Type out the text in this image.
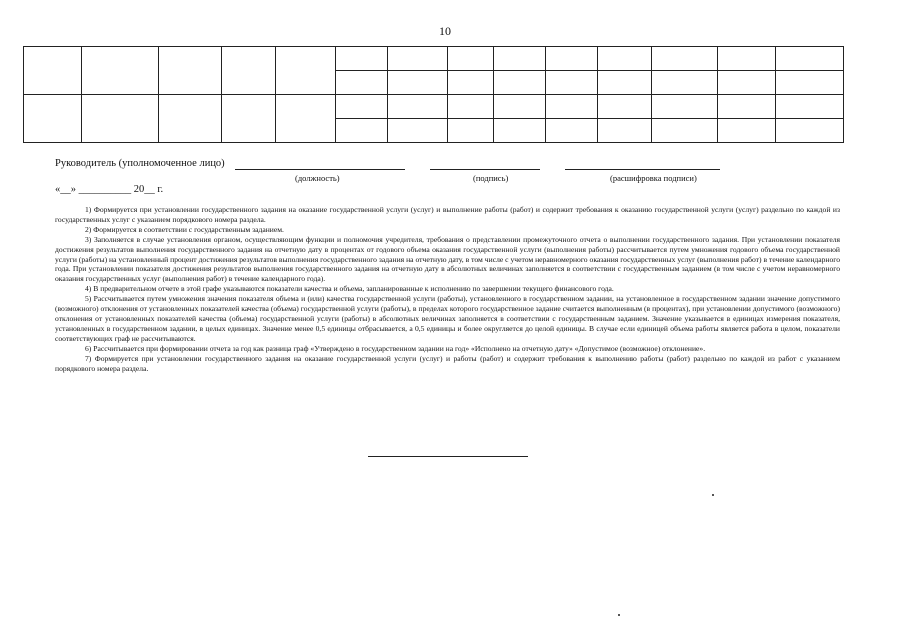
10

Руководитель (уполномоченное лицо)
(должность)	(подпись)	(расшифровка подписи)
«__» __________ 20__ г.

1) Формируется при установлении государственного задания на оказание государственной услуги (услуг) и выполнение работы (работ) и содержит требования к оказанию государственной услуги (услуг) раздельно по каждой из государственных услуг с указанием порядкового номера раздела.

2) Формируется в соответствии с государственным заданием.

3) Заполняется в случае установления органом, осуществляющим функции и полномочия учредителя, требования о представлении промежуточного отчета о выполнении государственного задания. При установлении показателя достижения результатов выполнения государственного задания на отчетную дату в процентах от годового объема оказания государственной услуги (выполнения работы) рассчитывается путем умножения годового объема государственной услуги (работы) на установленный процент достижения результатов выполнения государственного задания на отчетную дату, в том числе с учетом неравномерного оказания государственных услуг (выполнения работ) в течение календарного года. При установлении показателя достижения результатов выполнения государственного задания на отчетную дату в абсолютных величинах заполняется в соответствии с государственным заданием (в том числе с учетом неравномерного оказания государственных услуг (выполнения работ) в течение календарного года).

4) В предварительном отчете в этой графе указываются показатели качества и объема, запланированные к исполнению по завершении текущего финансового года.

5) Рассчитывается путем умножения значения показателя объема и (или) качества государственной услуги (работы), установленного в государственном задании, на установленное в государственном задании значение допустимого (возможного) отклонения от установленных показателей качества (объема) государственной услуги (работы), в пределах которого государственное задание считается выполненным (в процентах), при установлении допустимого (возможного) отклонения от установленных показателей качества (объема) государственной услуги (работы) в абсолютных величинах заполняется в соответствии с государственным заданием. Значение указывается в единицах измерения показателя, установленных в государственном задании, в целых единицах. Значение менее 0,5 единицы отбрасывается, а 0,5 единицы и более округляется до целой единицы. В случае если единицей объема работы является работа в целом, показатели соответствующих граф не рассчитываются.

6) Рассчитывается при формировании отчета за год как разница граф «Утверждено в государственном задании на год» «Исполнено на отчетную дату» «Допустимое (возможное) отклонение».

7) Формируется при установлении государственного задания на оказание государственной услуги (услуг) и работы (работ) и содержит требования к выполнению работы (работ) раздельно по каждой из работ с указанием порядкового номера раздела.
